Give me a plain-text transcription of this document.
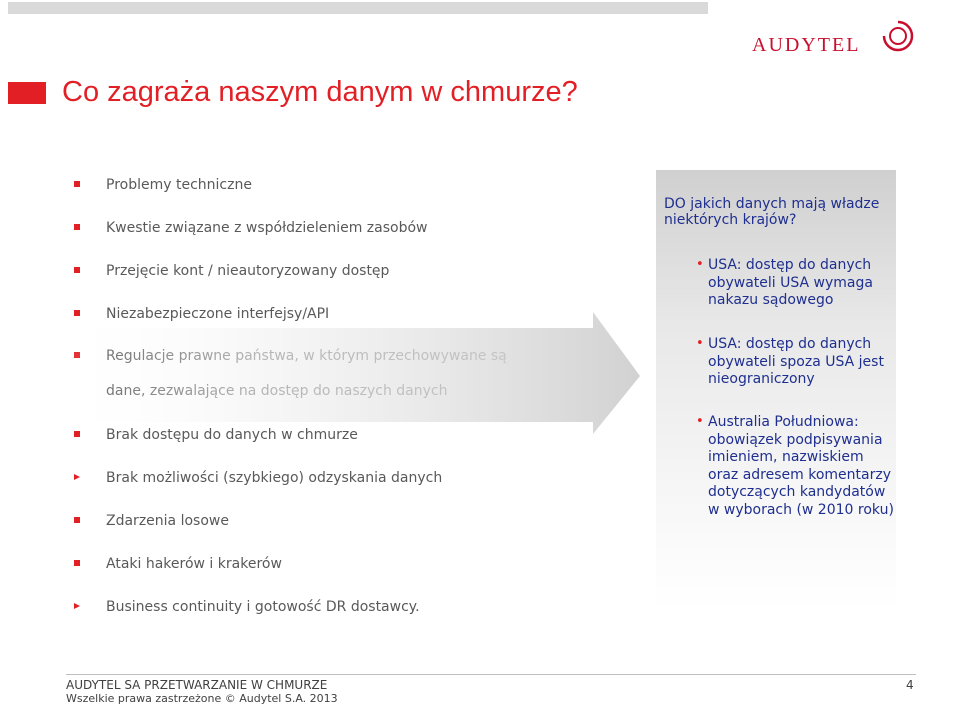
Co zagraża naszym danym w chmurze?
AUDYTEL
Problemy techniczne
Kwestie związane z współdzieleniem zasobów
Przejęcie kont / nieautoryzowany dostęp
Niezabezpieczone interfejsy/API
Brak dostępu do danych w chmurze
Brak możliwości (szybkiego) odzyskania danych
Zdarzenia losowe
Ataki hakerów i krakerów
Business continuity i gotowość DR dostawcy.
DO jakich danych mają władze niektórych krajów?
• USA: dostęp do danych obywateli USA wymaga nakazu sądowego
• USA: dostęp do danych obywateli spoza USA jest nieograniczony
• Australia Południowa: obowiązek podpisywania imieniem, nazwiskiem oraz adresem komentarzy dotyczących kandydatów w wyborach (w 2010 roku)
AUDYTEL SA PRZETWARZANIE W CHMURZE
Wszelkie prawa zastrzeżone © Audytel S.A. 2013
4
